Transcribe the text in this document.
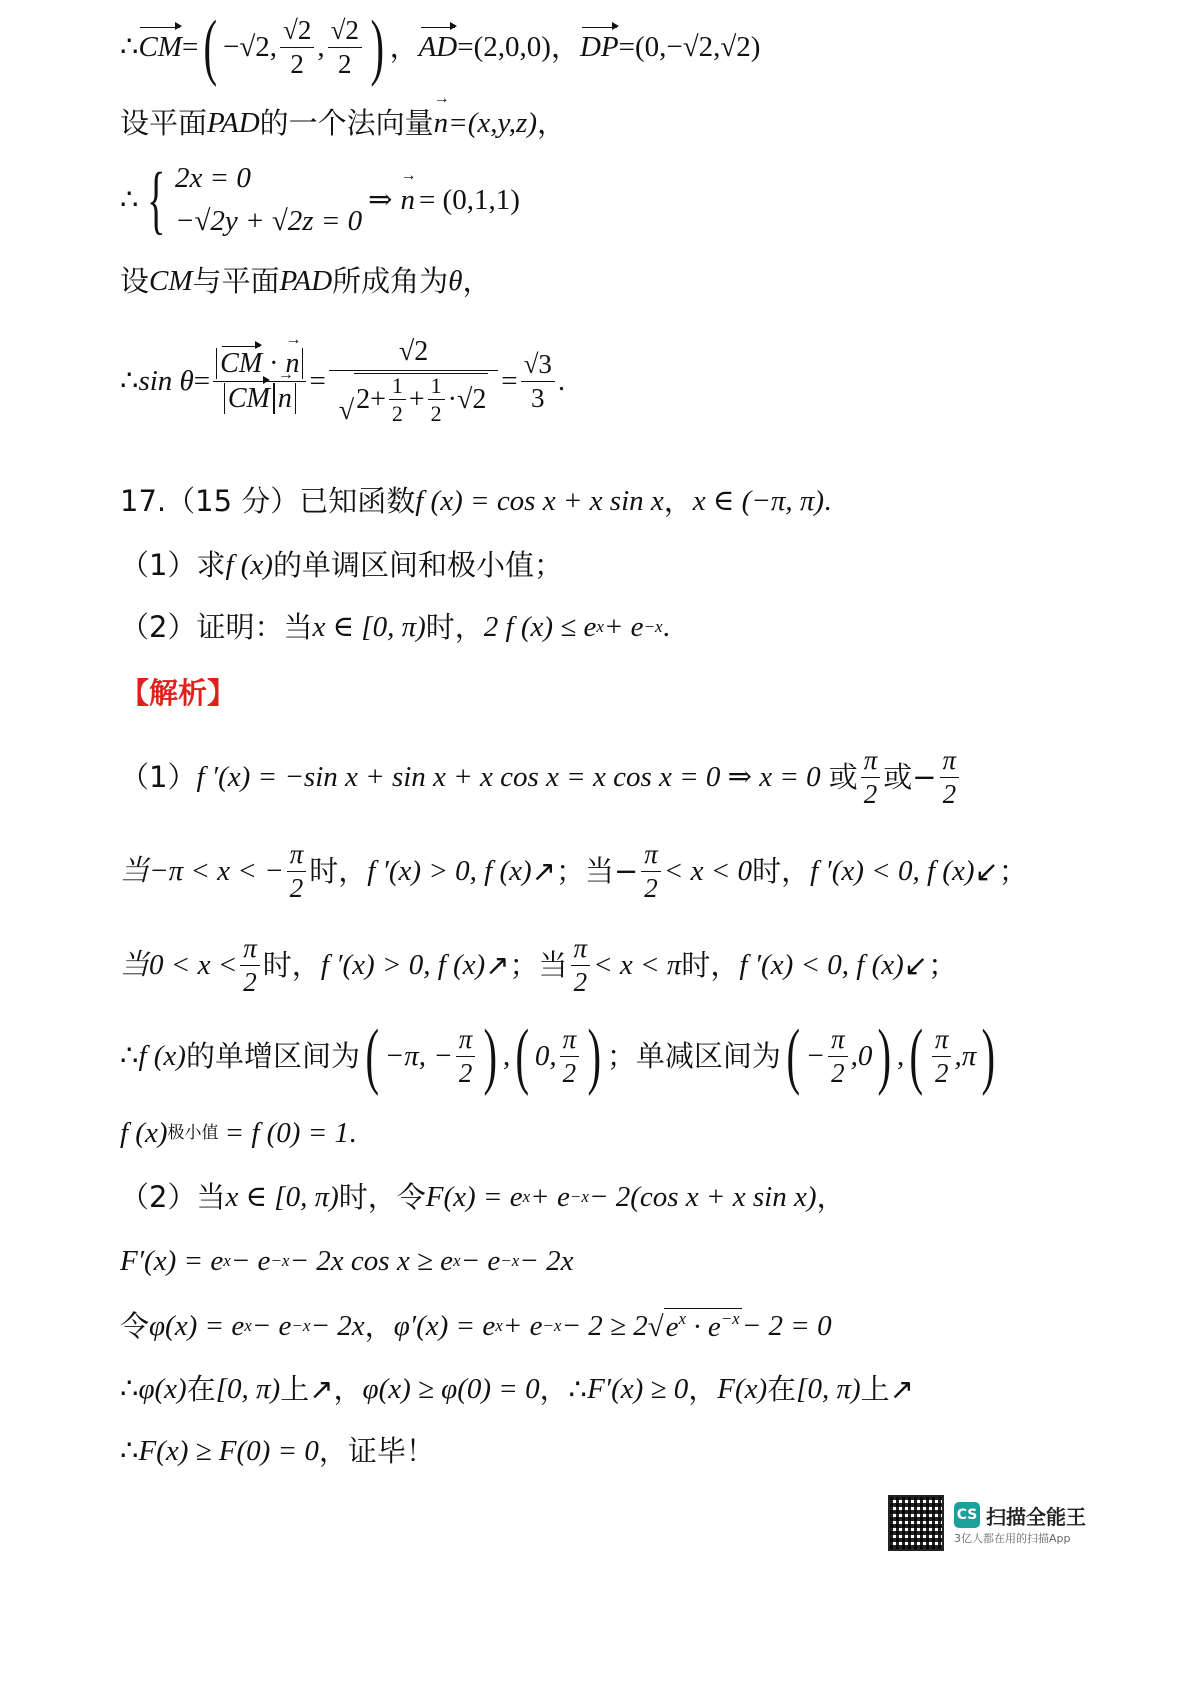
∴ CM = ( −√2, $\frac{√2}{2}$ , $\frac{√2}{2}$ ) ， AD =(2,0,0) ， DP =(0,−√2,√2)
设平面 PAD 的一个法向量 n → =(x,y,z) ，
∴ { 2x = 0
−√2y + √2z = 0
⇒ n → = (0,1,1)
设 CM 与平面 PAD 所成角为 θ ，
∴ $\sin \theta = \frac{CM \cdot n \to}{\text{CM n}}$ → = $\frac{√2}{√ 2+ \frac{1}{2} + \frac{1}{2} \cdot√2} = \frac{√3}{3}$ .
17.（15 分）已知函数 f (x) = cos x + x sin x ， x ∈ (−π, π) .
（1）求 f (x) 的单调区间和极小值；
（2）证明：当 x ∈ [0, π) 时， 2 f (x) ≤ e x + e −x .
【解析】
（1） f ′(x) = −sin x + sin x + x cos x = x cos x = 0 ⇒ x = 0 或 $\frac{\pi}{2}$ 或− $\frac{\pi}{2}$
当−π < x < − $\frac{\pi}{2}$ 时， f ′(x) > 0, f (x) ↗ ；当− $\frac{\pi}{2} < x < 0$ 时， f ′(x) < 0, f (x) ↙ ；
当$0 < x < \frac{\pi}{2}$ 时， f ′(x) > 0, f (x) ↗ ；当 $\frac{\pi}{2} < x < \pi$ 时， f ′(x) < 0, f (x) ↙ ；
∴ f (x) 的单增区间为 ( −π, − $\frac{\pi}{2}$ ) , ( 0, $\frac{\pi}{2}$ ) ；单减区间为 ( − $\frac{\pi}{2} ,0$ ) , ( $\frac{\pi}{2} ,\pi$ )
f (x) 极小值 = f (0) = 1 .
（2）当 x ∈ [0, π) 时，令 F(x) = e x + e −x − 2(cos x + x sin x) ，
F′(x) = e x − e −x − 2x cos x ≥ e x − e −x − 2x
令 φ(x) = e x − e −x − 2x ， φ′(x) = e x + e −x − 2 ≥ 2 √ $e^x \cdot e^{-x} - 2 = 0$
∴ φ(x) 在 [0, π) 上 ↗ ， φ(x) ≥ φ(0) = 0 ，∴ F′(x) ≥ 0 ， F(x) 在 [0, π) 上 ↗
∴ F(x) ≥ F(0) = 0 ，证毕！
CS 扫描全能王
3亿人都在用的扫描App
